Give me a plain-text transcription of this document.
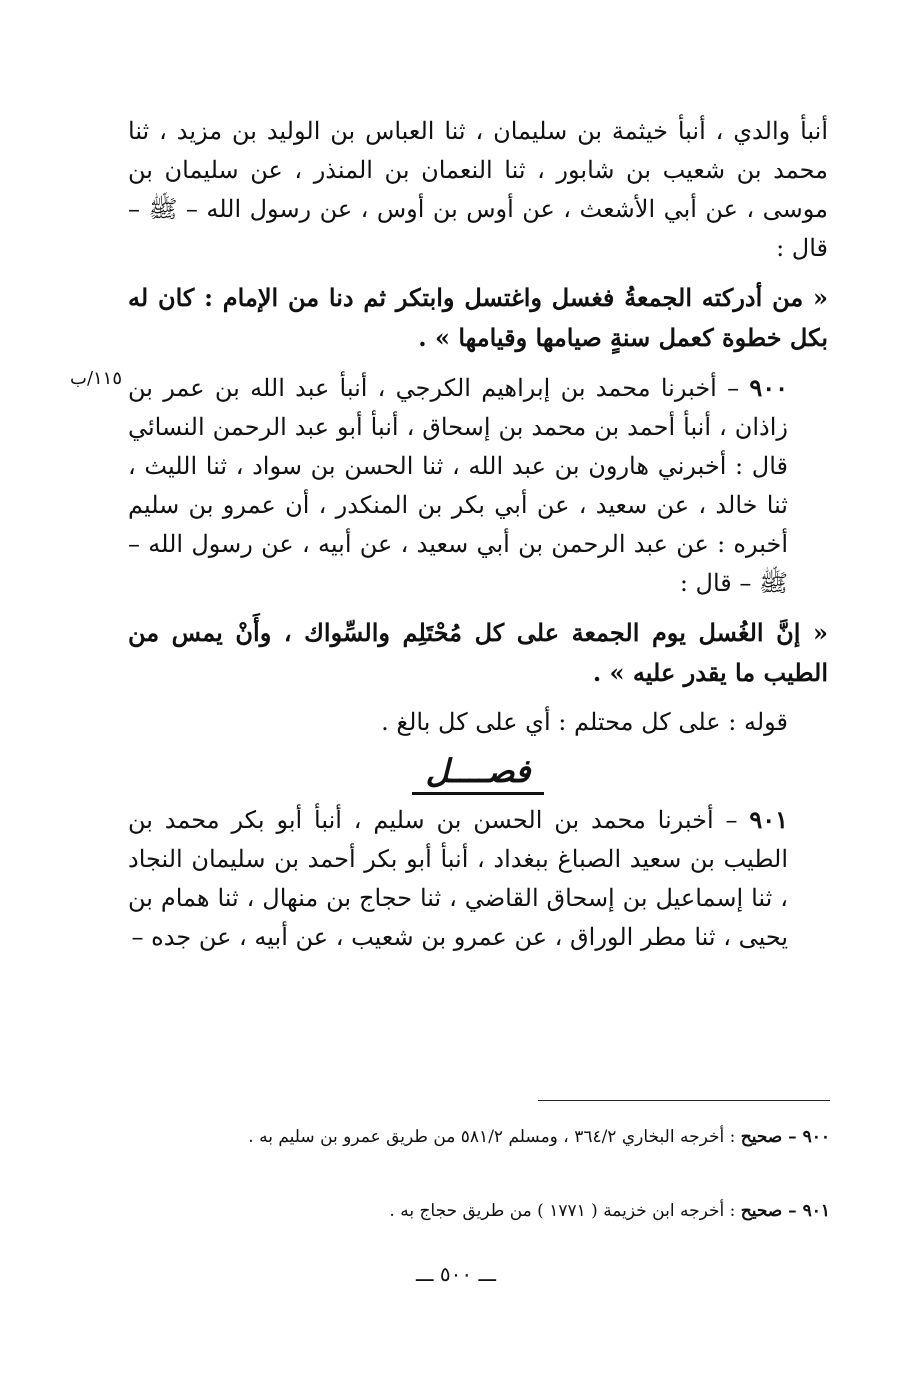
١١٥/ب

أنبأ والدي ، أنبأ خيثمة بن سليمان ، ثنا العباس بن الوليد بن مزيد ، ثنا محمد بن شعيب بن شابور ، ثنا النعمان بن المنذر ، عن سليمان بن موسى ، عن أبي الأشعث ، عن أوس بن أوس ، عن رسول الله – ﷺ – قال :

« من أدركته الجمعةُ فغسل واغتسل وابتكر ثم دنا من الإمام : كان له بكل خطوة كعمل سنةٍ صيامها وقيامها » .

٩٠٠ – أخبرنا محمد بن إبراهيم الكرجي ، أنبأ عبد الله بن عمر بن زاذان ، أنبأ أحمد بن محمد بن إسحاق ، أنبأ أبو عبد الرحمن النسائي قال : أخبرني هارون بن عبد الله ، ثنا الحسن بن سواد ، ثنا الليث ، ثنا خالد ، عن سعيد ، عن أبي بكر بن المنكدر ، أن عمرو بن سليم أخبره : عن عبد الرحمن بن أبي سعيد ، عن أبيه ، عن رسول الله – ﷺ – قال :

« إنَّ الغُسل يوم الجمعة على كل مُحْتَلِم والسِّواك ، وأَنْ يمس من الطيب ما يقدر عليه » .

قوله : على كل محتلم : أي على كل بالغ .

فصــــل

٩٠١ – أخبرنا محمد بن الحسن بن سليم ، أنبأ أبو بكر محمد بن الطيب بن سعيد الصباغ ببغداد ، أنبأ أبو بكر أحمد بن سليمان النجاد ، ثنا إسماعيل بن إسحاق القاضي ، ثنا حجاج بن منهال ، ثنا همام بن يحيى ، ثنا مطر الوراق ، عن عمرو بن شعيب ، عن أبيه ، عن جده –

٩٠٠ – صحيح : أخرجه البخاري ٣٦٤/٢ ، ومسلم ٥٨١/٢ من طريق عمرو بن سليم به .
٩٠١ – صحيح : أخرجه ابن خزيمة ( ١٧٧١ ) من طريق حجاج به .
ـــ ٥٠٠ ـــ
